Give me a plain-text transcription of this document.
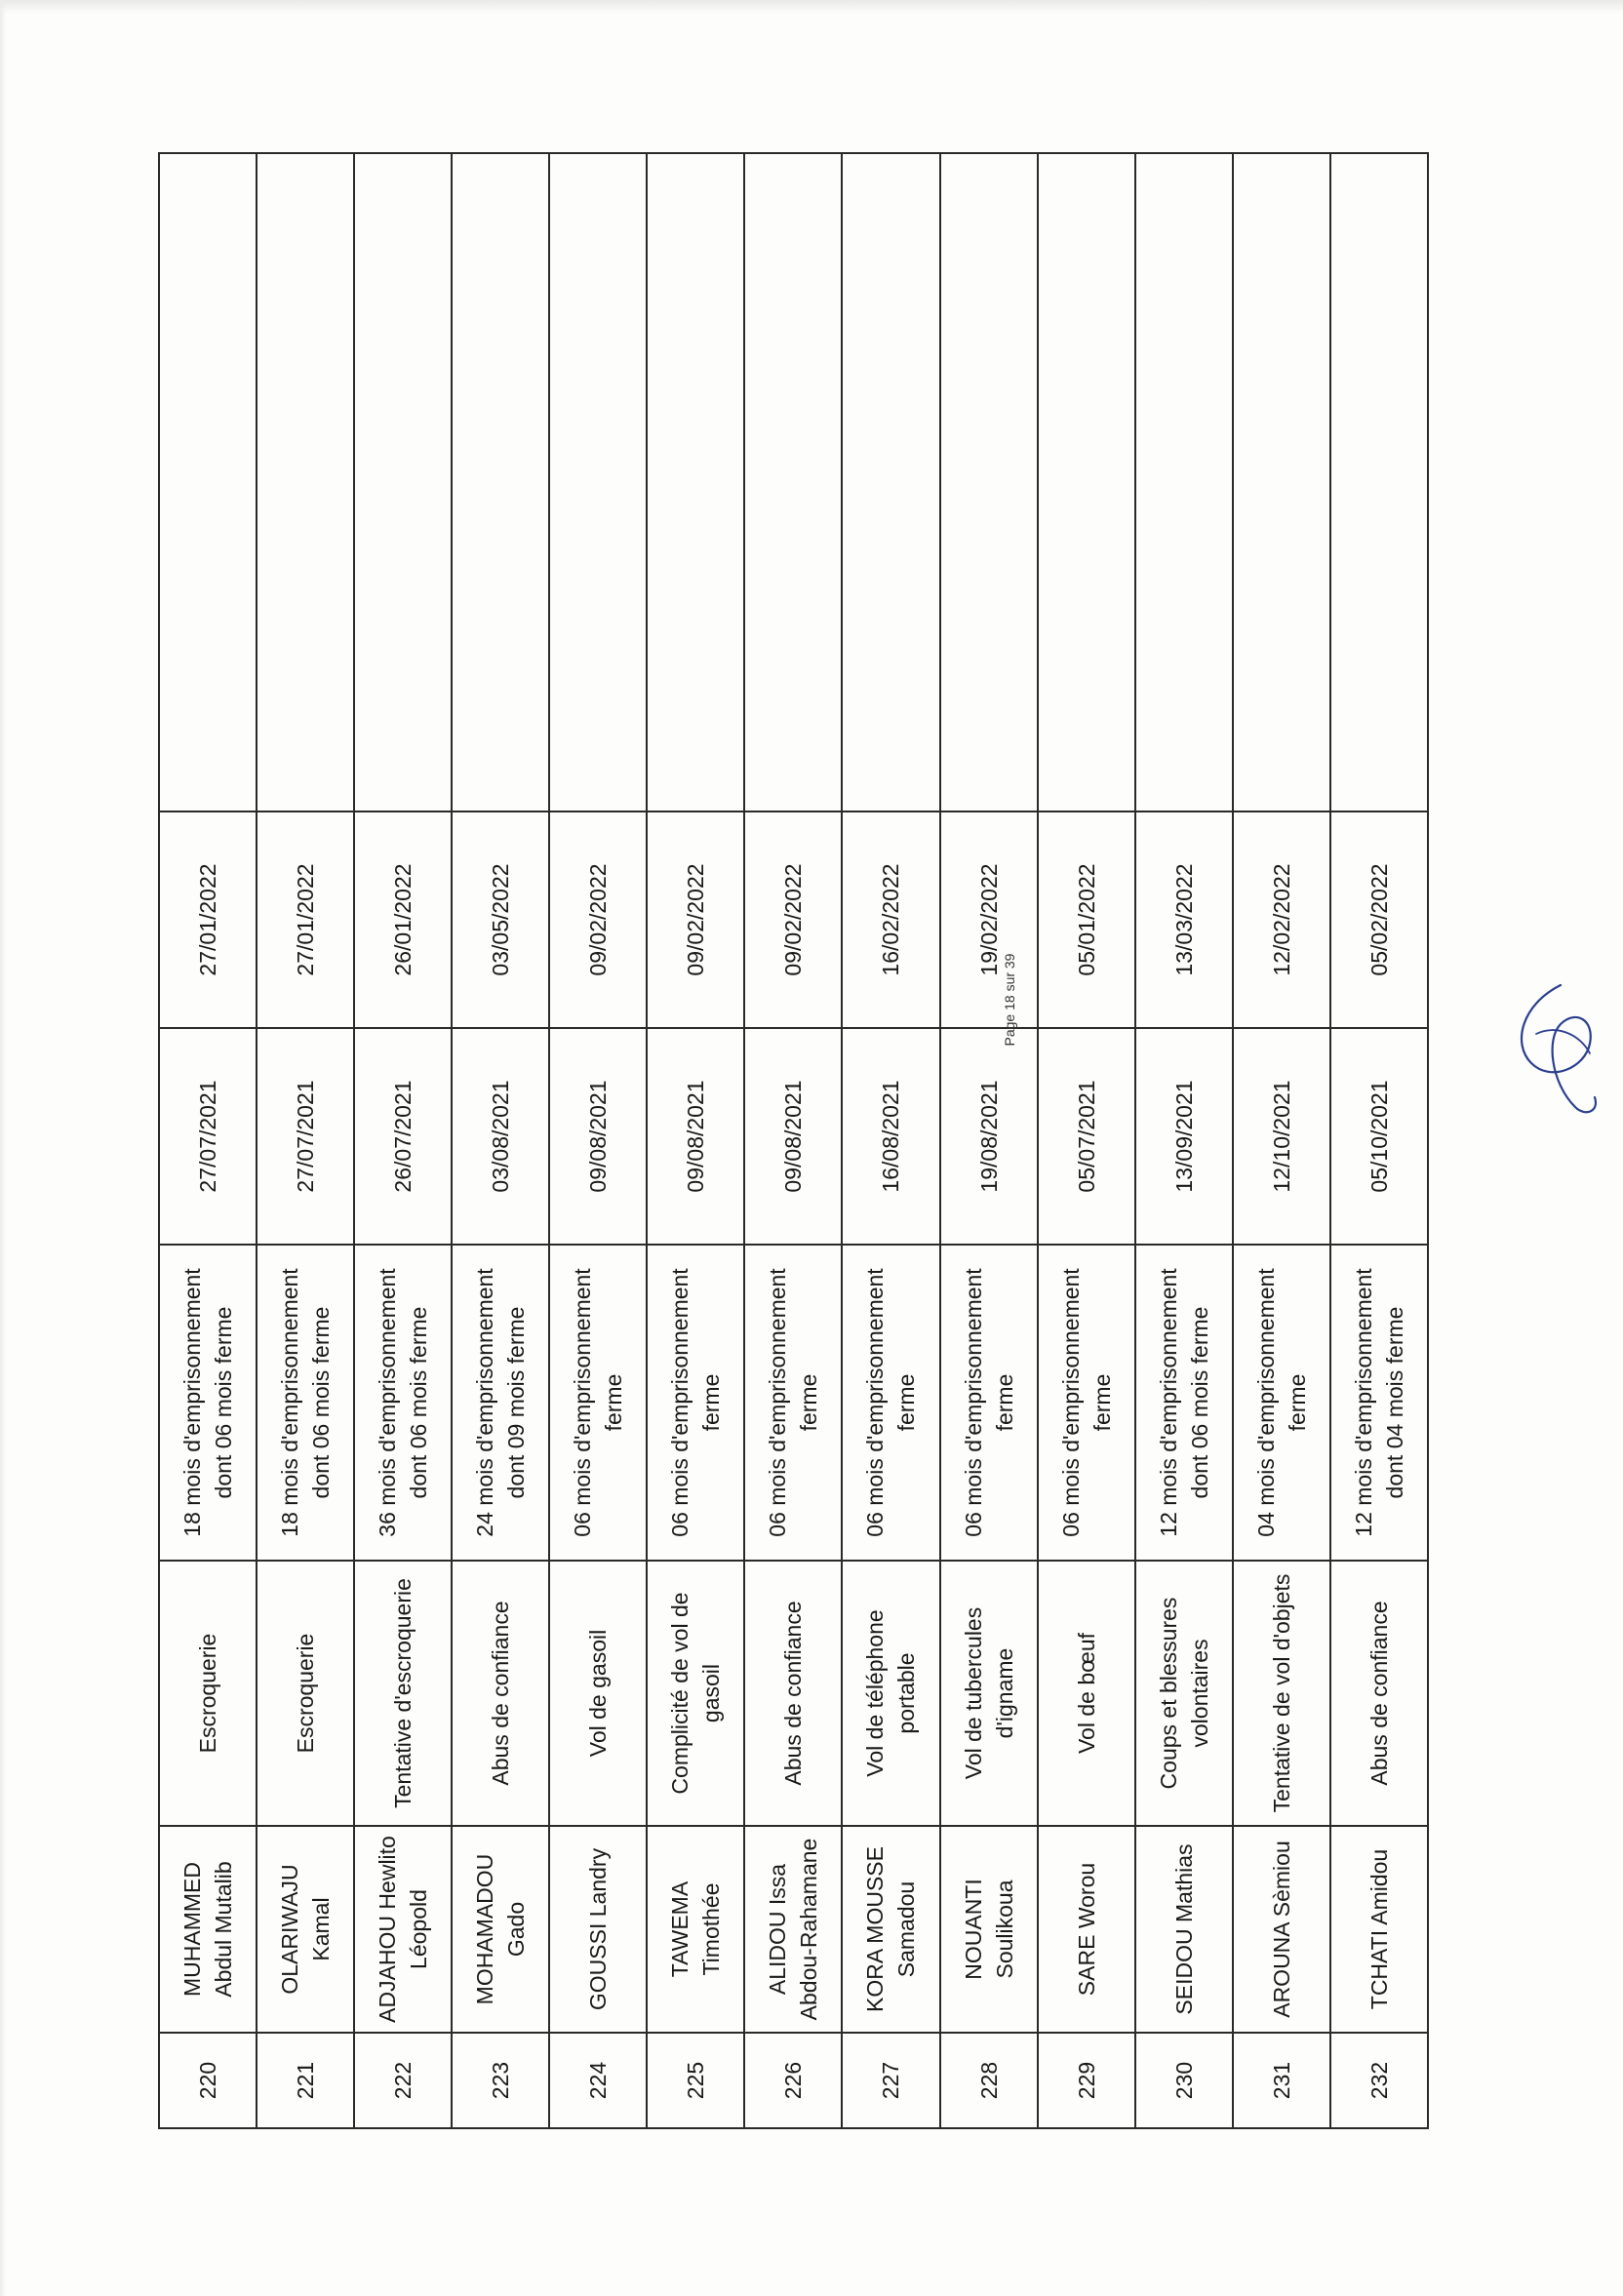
220	MUHAMMED Abdul Mutalib	Escroquerie	18 mois d'emprisonnement dont 06 mois ferme	27/07/2021	27/01/2022	
221	OLARIWAJU Kamal	Escroquerie	18 mois d'emprisonnement dont 06 mois ferme	27/07/2021	27/01/2022	
222	ADJAHOU Hewlito Léopold	Tentative d'escroquerie	36 mois d'emprisonnement dont 06 mois ferme	26/07/2021	26/01/2022	
223	MOHAMADOU Gado	Abus de confiance	24 mois d'emprisonnement dont 09 mois ferme	03/08/2021	03/05/2022	
224	GOUSSI Landry	Vol de gasoil	06 mois d'emprisonnement ferme	09/08/2021	09/02/2022	
225	TAWEMA Timothée	Complicité de vol de gasoil	06 mois d'emprisonnement ferme	09/08/2021	09/02/2022	
226	ALIDOU Issa Abdou-Rahamane	Abus de confiance	06 mois d'emprisonnement ferme	09/08/2021	09/02/2022	
227	KORA MOUSSE Samadou	Vol de téléphone portable	06 mois d'emprisonnement ferme	16/08/2021	16/02/2022	
228	NOUANTI Soulikoua	Vol de tubercules d'igname	06 mois d'emprisonnement ferme	19/08/2021	19/02/2022	
229	SARE Worou	Vol de bœuf	06 mois d'emprisonnement ferme	05/07/2021	05/01/2022	
230	SEIDOU Mathias	Coups et blessures volontaires	12 mois d'emprisonnement dont 06 mois ferme	13/09/2021	13/03/2022	
231	AROUNA Sèmiou	Tentative de vol d'objets	04 mois d'emprisonnement ferme	12/10/2021	12/02/2022	
232	TCHATI Amidou	Abus de confiance	12 mois d'emprisonnement dont 04 mois ferme	05/10/2021	05/02/2022	
Page 18 sur 39
